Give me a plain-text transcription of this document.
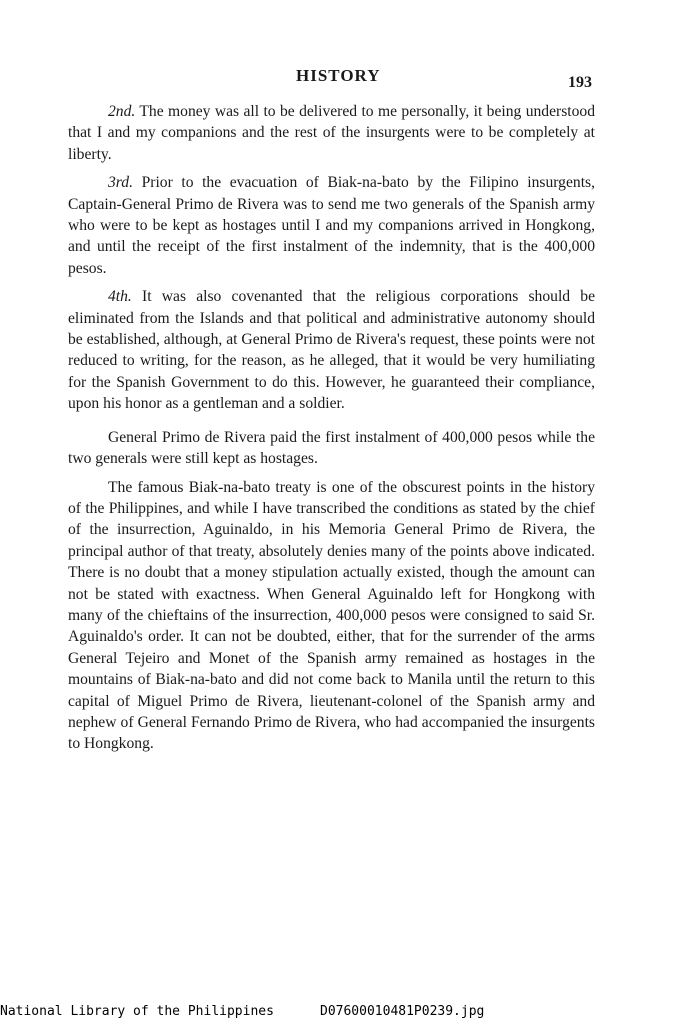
HISTORY	193

2nd. The money was all to be delivered to me personally, it being understood that I and my companions and the rest of the insurgents were to be completely at liberty.

3rd. Prior to the evacuation of Biak-na-bato by the Filipino insurgents, Captain-General Primo de Rivera was to send me two generals of the Spanish army who were to be kept as hostages until I and my companions arrived in Hongkong, and until the receipt of the first instalment of the indemnity, that is the 400,000 pesos.

4th. It was also covenanted that the religious corporations should be eliminated from the Islands and that political and administrative autonomy should be established, although, at General Primo de Rivera's request, these points were not reduced to writing, for the reason, as he alleged, that it would be very humiliating for the Spanish Government to do this. However, he guaranteed their compliance, upon his honor as a gentleman and a soldier.

General Primo de Rivera paid the first instalment of 400,000 pesos while the two generals were still kept as hostages.

The famous Biak-na-bato treaty is one of the obscurest points in the history of the Philippines, and while I have transcribed the conditions as stated by the chief of the insurrection, Aguinaldo, in his Memoria General Primo de Rivera, the principal author of that treaty, absolutely denies many of the points above indicated. There is no doubt that a money stipulation actually existed, though the amount can not be stated with exactness. When General Aguinaldo left for Hongkong with many of the chieftains of the insurrection, 400,000 pesos were consigned to said Sr. Aguinaldo's order. It can not be doubted, either, that for the surrender of the arms General Tejeiro and Monet of the Spanish army remained as hostages in the mountains of Biak-na-bato and did not come back to Manila until the return to this capital of Miguel Primo de Rivera, lieutenant-colonel of the Spanish army and nephew of General Fernando Primo de Rivera, who had accompanied the insurgents to Hongkong.

National Library of the Philippines	D07600010481P0239.jpg
